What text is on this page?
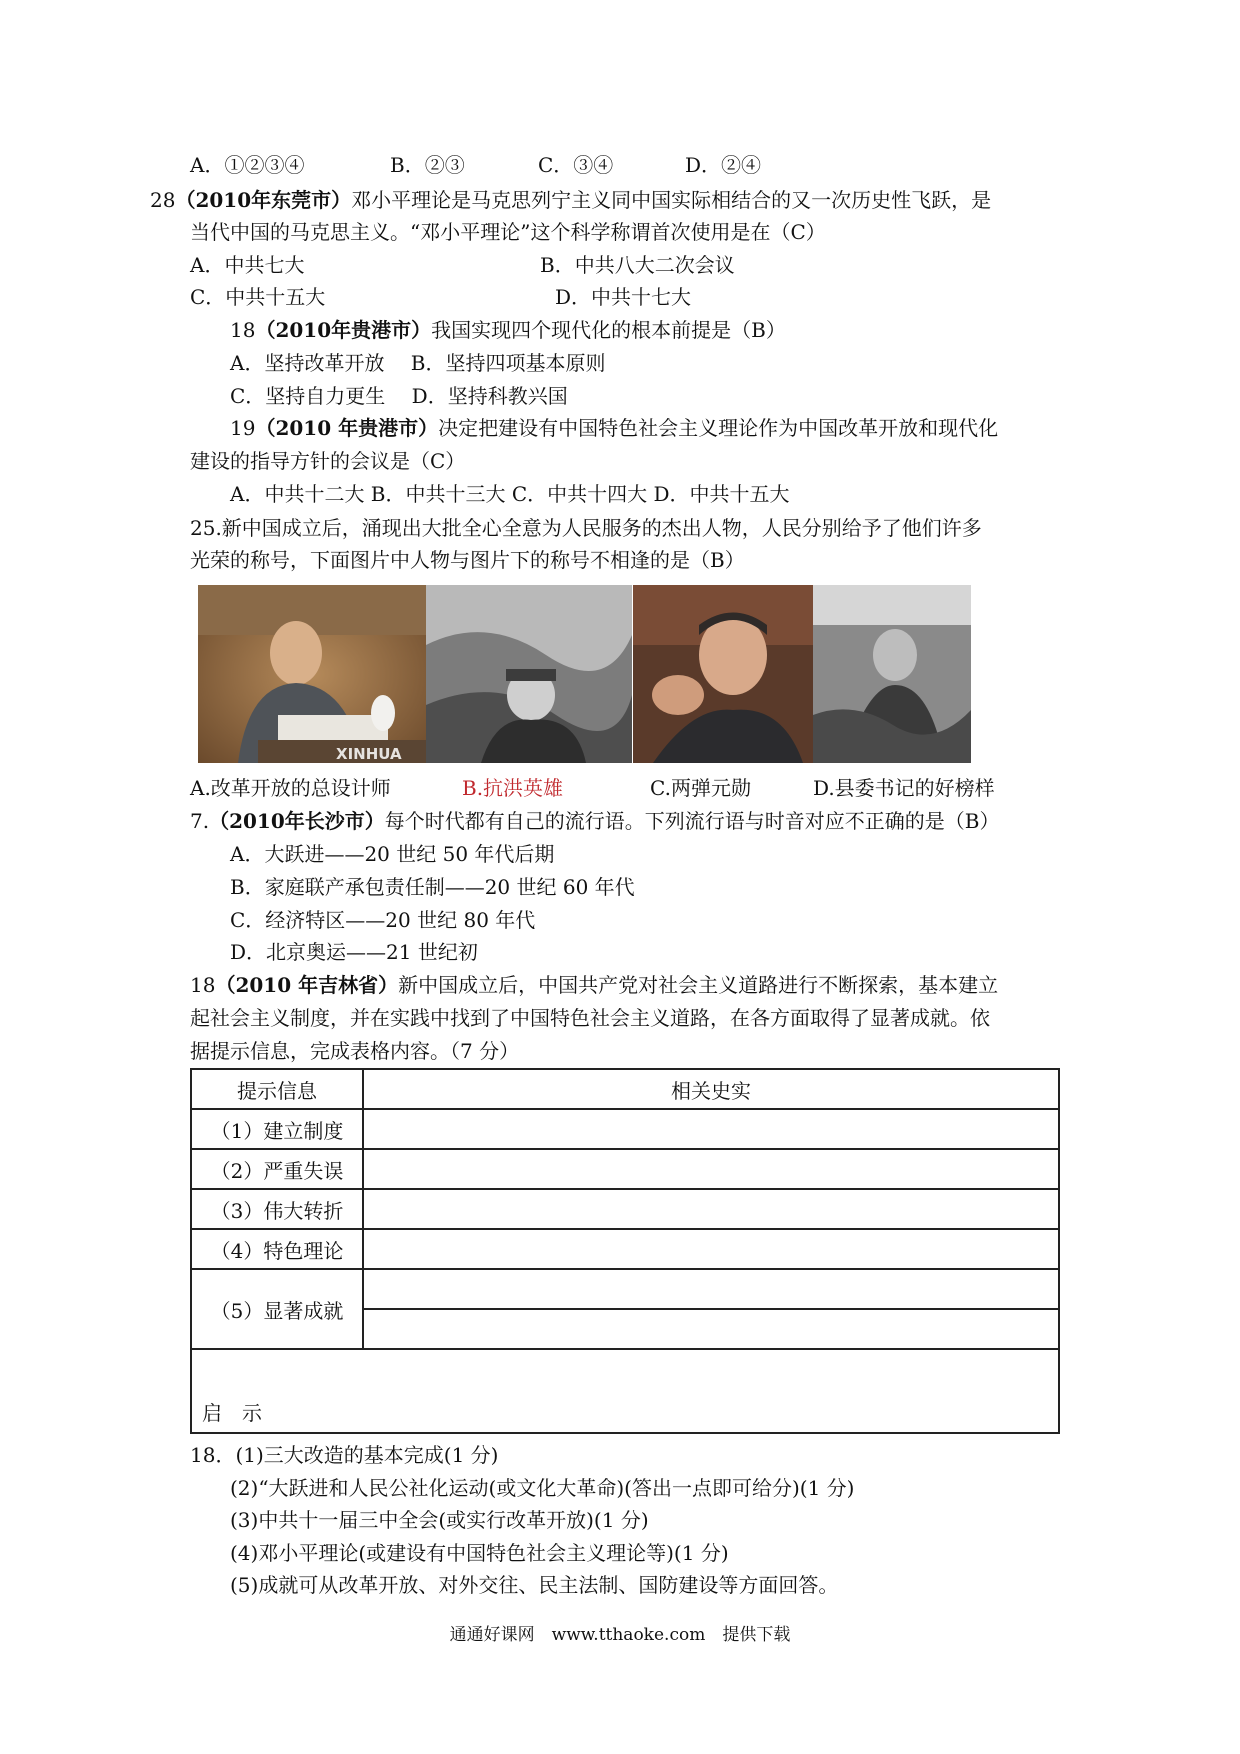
A．①②③④	B．②③	C．③④	D．②④
28（2010年东莞市）邓小平理论是马克思列宁主义同中国实际相结合的又一次历史性飞跃，是
当代中国的马克思主义。“邓小平理论”这个科学称谓首次使用是在（C）
A．中共七大	B．中共八大二次会议
C．中共十五大	D．中共十七大
18（2010年贵港市）我国实现四个现代化的根本前提是（B）
A．坚持改革开放　 B．坚持四项基本原则
C．坚持自力更生　 D．坚持科教兴国
19（2010 年贵港市）决定把建设有中国特色社会主义理论作为中国改革开放和现代化
建设的指导方针的会议是（C）
A．中共十二大 B．中共十三大 C．中共十四大 D．中共十五大
25.新中国成立后，涌现出大批全心全意为人民服务的杰出人物，人民分别给予了他们许多
光荣的称号，下面图片中人物与图片下的称号不相逢的是（B）
XINHUA
A.改革开放的总设计师	B.抗洪英雄	C.两弹元勋	D.县委书记的好榜样
7.（2010年长沙市）每个时代都有自己的流行语。下列流行语与时音对应不正确的是（B）
A．大跃进——20 世纪 50 年代后期
B．家庭联产承包责任制——20 世纪 60 年代
C．经济特区——20 世纪 80 年代
D．北京奥运——21 世纪初
18（2010 年吉林省）新中国成立后，中国共产党对社会主义道路进行不断探索，基本建立
起社会主义制度，并在实践中找到了中国特色社会主义道路，在各方面取得了显著成就。依
据提示信息，完成表格内容。（7 分）
提示信息	相关史实
（1）建立制度	
（2）严重失误	
（3）伟大转折	
（4）特色理论	
（5）显著成就	

启　示	
18．(1)三大改造的基本完成(1 分)
(2)“大跃进和人民公社化运动(或文化大革命)(答出一点即可给分)(1 分)
(3)中共十一届三中全会(或实行改革开放)(1 分)
(4)邓小平理论(或建设有中国特色社会主义理论等)(1 分)
(5)成就可从改革开放、对外交往、民主法制、国防建设等方面回答。
通通好课网　www.tthaoke.com　提供下载
